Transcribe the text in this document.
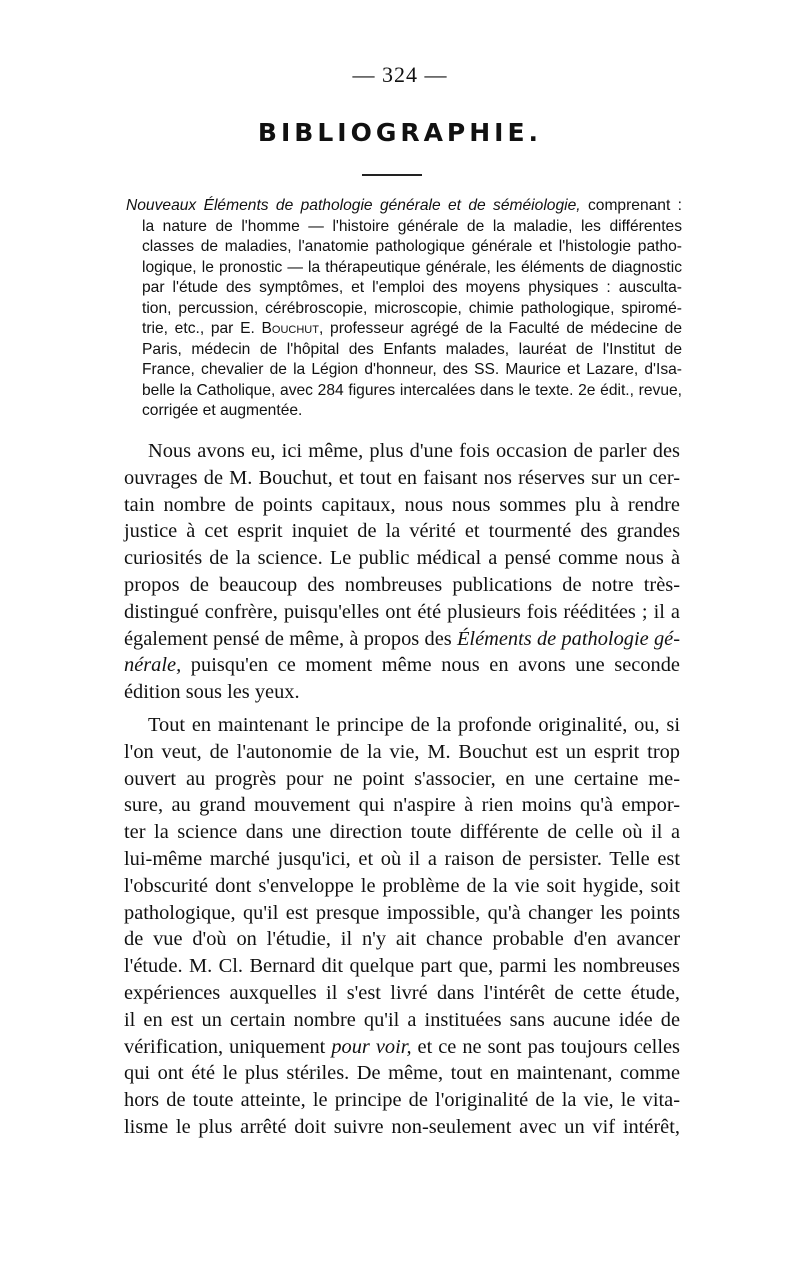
— 324 —
BIBLIOGRAPHIE.
Nouveaux Éléments de pathologie générale et de séméiologie, comprenant :
la nature de l'homme — l'histoire générale de la maladie, les différentes
classes de maladies, l'anatomie pathologique générale et l'histologie patho-
logique, le pronostic — la thérapeutique générale, les éléments de diagnostic
par l'étude des symptômes, et l'emploi des moyens physiques : ausculta-
tion, percussion, cérébroscopie, microscopie, chimie pathologique, spiromé-
trie, etc., par E. Bouchut, professeur agrégé de la Faculté de médecine de
Paris, médecin de l'hôpital des Enfants malades, lauréat de l'Institut de
France, chevalier de la Légion d'honneur, des SS. Maurice et Lazare, d'Isa-
belle la Catholique, avec 284 figures intercalées dans le texte. 2e édit., revue,
corrigée et augmentée.
Nous avons eu, ici même, plus d'une fois occasion de parler des
ouvrages de M. Bouchut, et tout en faisant nos réserves sur un cer-
tain nombre de points capitaux, nous nous sommes plu à rendre
justice à cet esprit inquiet de la vérité et tourmenté des grandes
curiosités de la science. Le public médical a pensé comme nous à
propos de beaucoup des nombreuses publications de notre très-
distingué confrère, puisqu'elles ont été plusieurs fois rééditées ; il a
également pensé de même, à propos des Éléments de pathologie gé-
nérale, puisqu'en ce moment même nous en avons une seconde
édition sous les yeux.
Tout en maintenant le principe de la profonde originalité, ou, si
l'on veut, de l'autonomie de la vie, M. Bouchut est un esprit trop
ouvert au progrès pour ne point s'associer, en une certaine me-
sure, au grand mouvement qui n'aspire à rien moins qu'à empor-
ter la science dans une direction toute différente de celle où il a
lui-même marché jusqu'ici, et où il a raison de persister. Telle est
l'obscurité dont s'enveloppe le problème de la vie soit hygide, soit
pathologique, qu'il est presque impossible, qu'à changer les points
de vue d'où on l'étudie, il n'y ait chance probable d'en avancer
l'étude. M. Cl. Bernard dit quelque part que, parmi les nombreuses
expériences auxquelles il s'est livré dans l'intérêt de cette étude,
il en est un certain nombre qu'il a instituées sans aucune idée de
vérification, uniquement pour voir, et ce ne sont pas toujours celles
qui ont été le plus stériles. De même, tout en maintenant, comme
hors de toute atteinte, le principe de l'originalité de la vie, le vita-
lisme le plus arrêté doit suivre non-seulement avec un vif intérêt,
